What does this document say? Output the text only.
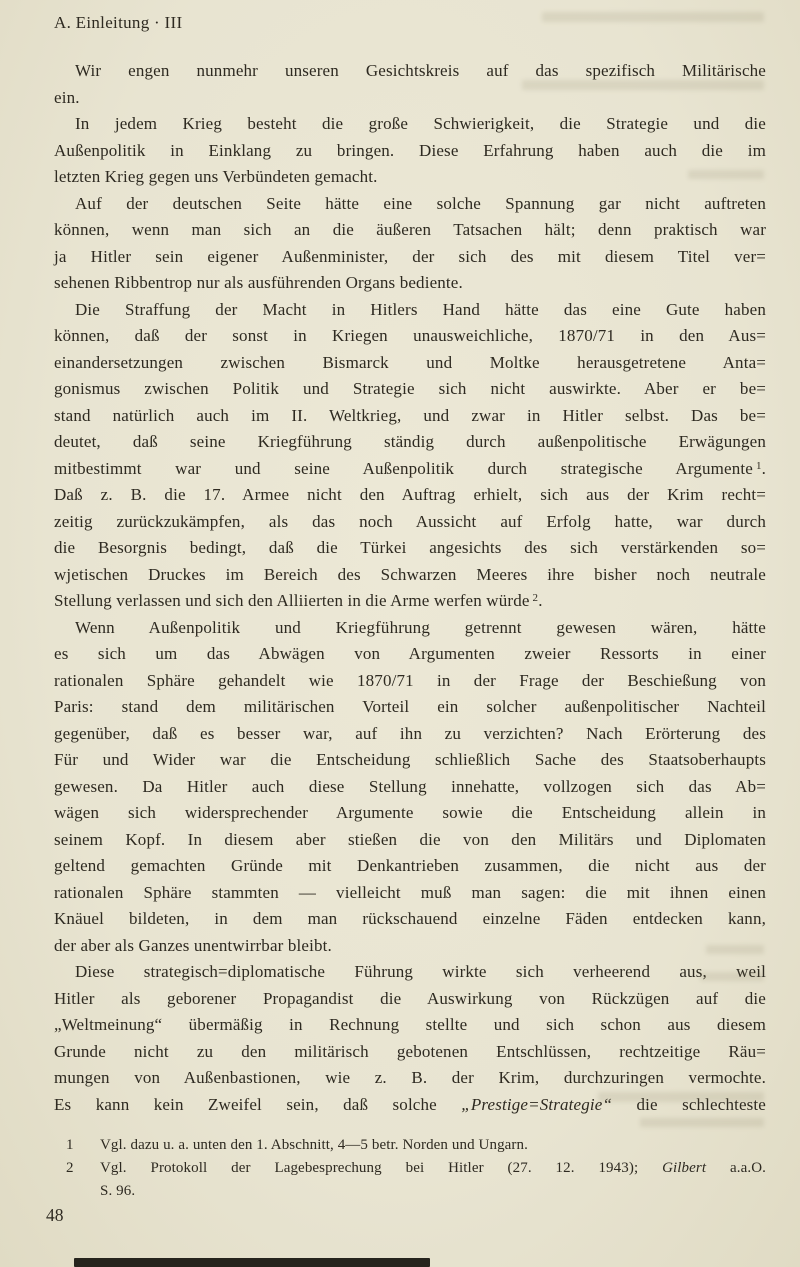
A. Einleitung · III

Wir engen nunmehr unseren Gesichtskreis auf das spezifisch Militärische
ein.

In jedem Krieg besteht die große Schwierigkeit, die Strategie und die
Außenpolitik in Einklang zu bringen. Diese Erfahrung haben auch die im
letzten Krieg gegen uns Verbündeten gemacht.

Auf der deutschen Seite hätte eine solche Spannung gar nicht auftreten
können, wenn man sich an die äußeren Tatsachen hält; denn praktisch war
ja Hitler sein eigener Außenminister, der sich des mit diesem Titel ver=
sehenen Ribbentrop nur als ausführenden Organs bediente.

Die Straffung der Macht in Hitlers Hand hätte das eine Gute haben
können, daß der sonst in Kriegen unausweichliche, 1870/71 in den Aus=
einandersetzungen zwischen Bismarck und Moltke herausgetretene Anta=
gonismus zwischen Politik und Strategie sich nicht auswirkte. Aber er be=
stand natürlich auch im II. Weltkrieg, und zwar in Hitler selbst. Das be=
deutet, daß seine Kriegführung ständig durch außenpolitische Erwägungen
mitbestimmt war und seine Außenpolitik durch strategische Argumente $^1$.
Daß z. B. die 17. Armee nicht den Auftrag erhielt, sich aus der Krim recht=
zeitig zurückzukämpfen, als das noch Aussicht auf Erfolg hatte, war durch
die Besorgnis bedingt, daß die Türkei angesichts des sich verstärkenden so=
wjetischen Druckes im Bereich des Schwarzen Meeres ihre bisher noch neutrale
Stellung verlassen und sich den Alliierten in die Arme werfen würde $^2$.

Wenn Außenpolitik und Kriegführung getrennt gewesen wären, hätte
es sich um das Abwägen von Argumenten zweier Ressorts in einer
rationalen Sphäre gehandelt wie 1870/71 in der Frage der Beschießung von
Paris: stand dem militärischen Vorteil ein solcher außenpolitischer Nachteil
gegenüber, daß es besser war, auf ihn zu verzichten? Nach Erörterung des
Für und Wider war die Entscheidung schließlich Sache des Staatsoberhaupts
gewesen. Da Hitler auch diese Stellung innehatte, vollzogen sich das Ab=
wägen sich widersprechender Argumente sowie die Entscheidung allein in
seinem Kopf. In diesem aber stießen die von den Militärs und Diplomaten
geltend gemachten Gründe mit Denkantrieben zusammen, die nicht aus der
rationalen Sphäre stammten — vielleicht muß man sagen: die mit ihnen einen
Knäuel bildeten, in dem man rückschauend einzelne Fäden entdecken kann,
der aber als Ganzes unentwirrbar bleibt.

Diese strategisch=diplomatische Führung wirkte sich verheerend aus, weil
Hitler als geborener Propagandist die Auswirkung von Rückzügen auf die
„Weltmeinung“ übermäßig in Rechnung stellte und sich schon aus diesem
Grunde nicht zu den militärisch gebotenen Entschlüssen, rechtzeitige Räu=
mungen von Außenbastionen, wie z. B. der Krim, durchzuringen vermochte.
Es kann kein Zweifel sein, daß solche „Prestige=Strategie“ die schlechteste

1 Vgl. dazu u. a. unten den 1. Abschnitt, 4—5 betr. Norden und Ungarn.
2 Vgl. Protokoll der Lagebesprechung bei Hitler (27. 12. 1943); Gilbert a.a.O.
S. 96.
48
